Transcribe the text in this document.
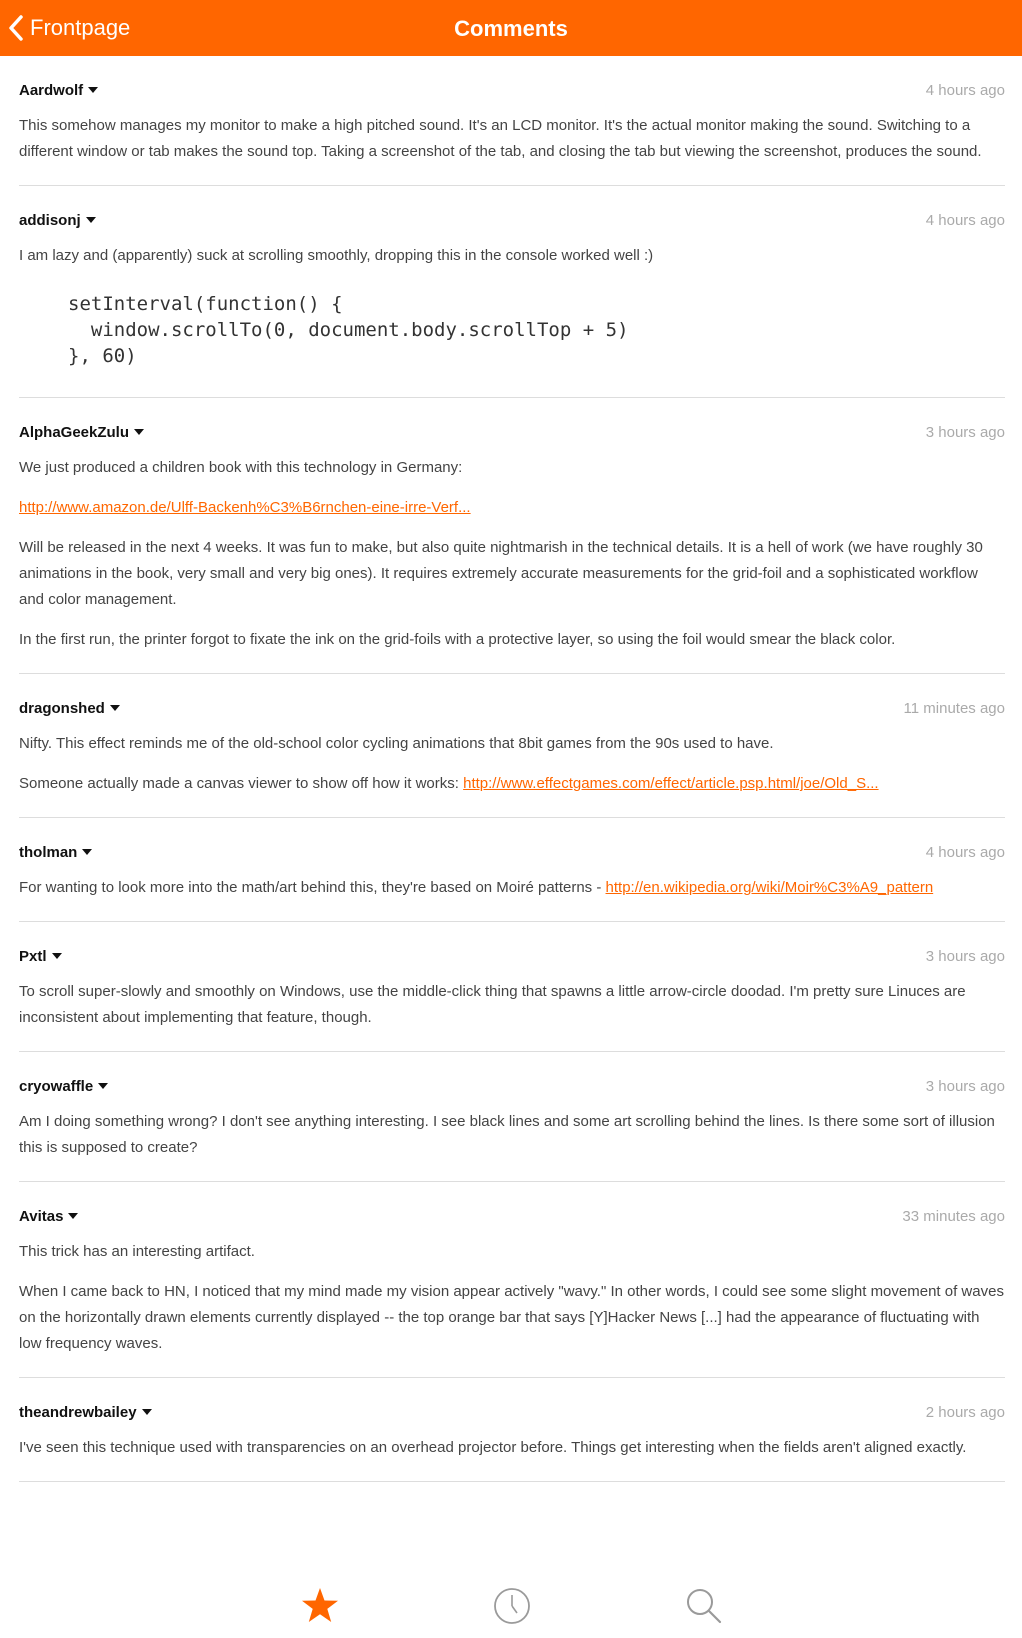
Frontpage	Comments
Aardwolf	4 hours ago

This somehow manages my monitor to make a high pitched sound. It's an LCD monitor. It's the actual monitor making the sound. Switching to a different window or tab makes the sound top. Taking a screenshot of the tab, and closing the tab but viewing the screenshot, produces the sound.

addisonj	4 hours ago

I am lazy and (apparently) suck at scrolling smoothly, dropping this in the console worked well :)

setInterval(function() {
window.scrollTo(0, document.body.scrollTop + 5)
}, 60)
AlphaGeekZulu	3 hours ago

We just produced a children book with this technology in Germany:

http://www.amazon.de/Ulff-Backenh%C3%B6rnchen-eine-irre-Verf...

Will be released in the next 4 weeks. It was fun to make, but also quite nightmarish in the technical details. It is a hell of work (we have roughly 30 animations in the book, very small and very big ones). It requires extremely accurate measurements for the grid-foil and a sophisticated workflow and color management.

In the first run, the printer forgot to fixate the ink on the grid-foils with a protective layer, so using the foil would smear the black color.

dragonshed	11 minutes ago

Nifty. This effect reminds me of the old-school color cycling animations that 8bit games from the 90s used to have.

Someone actually made a canvas viewer to show off how it works: http://www.effectgames.com/effect/article.psp.html/joe/Old_S...

tholman	4 hours ago

For wanting to look more into the math/art behind this, they're based on Moiré patterns - http://en.wikipedia.org/wiki/Moir%C3%A9_pattern

Pxtl	3 hours ago

To scroll super-slowly and smoothly on Windows, use the middle-click thing that spawns a little arrow-circle doodad. I'm pretty sure Linuces are inconsistent about implementing that feature, though.

cryowaffle	3 hours ago

Am I doing something wrong? I don't see anything interesting. I see black lines and some art scrolling behind the lines. Is there some sort of illusion this is supposed to create?

Avitas	33 minutes ago

This trick has an interesting artifact.

When I came back to HN, I noticed that my mind made my vision appear actively "wavy." In other words, I could see some slight movement of waves on the horizontally drawn elements currently displayed -- the top orange bar that says [Y]Hacker News [...] had the appearance of fluctuating with low frequency waves.

theandrewbailey	2 hours ago

I've seen this technique used with transparencies on an overhead projector before. Things get interesting when the fields aren't aligned exactly.
